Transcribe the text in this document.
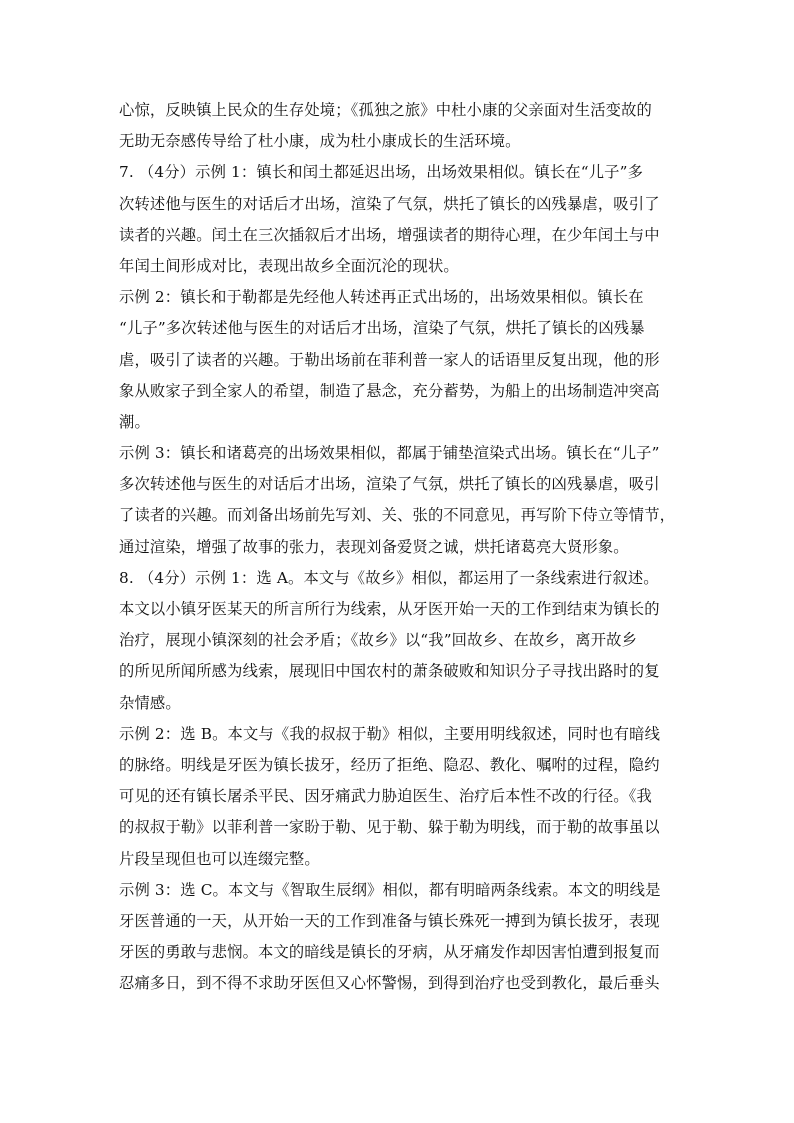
心惊，反映镇上民众的生存处境；《孤独之旅》中杜小康的父亲面对生活变故的
无助无奈感传导给了杜小康，成为杜小康成长的生活环境。
7. （4分）示例 1：镇长和闰土都延迟出场，出场效果相似。镇长在“儿子”多
次转述他与医生的对话后才出场，渲染了气氛，烘托了镇长的凶残暴虐，吸引了
读者的兴趣。闰土在三次插叙后才出场，增强读者的期待心理，在少年闰土与中
年闰土间形成对比，表现出故乡全面沉沦的现状。
示例 2：镇长和于勒都是先经他人转述再正式出场的，出场效果相似。镇长在
“儿子”多次转述他与医生的对话后才出场，渲染了气氛，烘托了镇长的凶残暴
虐，吸引了读者的兴趣。于勒出场前在菲利普一家人的话语里反复出现，他的形
象从败家子到全家人的希望，制造了悬念，充分蓄势，为船上的出场制造冲突高
潮。
示例 3：镇长和诸葛亮的出场效果相似，都属于铺垫渲染式出场。镇长在“儿子”
多次转述他与医生的对话后才出场，渲染了气氛，烘托了镇长的凶残暴虐，吸引
了读者的兴趣。而刘备出场前先写刘、关、张的不同意见，再写阶下侍立等情节，
通过渲染，增强了故事的张力，表现刘备爱贤之诚，烘托诸葛亮大贤形象。
8. （4分）示例 1：选 A。本文与《故乡》相似，都运用了一条线索进行叙述。
本文以小镇牙医某天的所言所行为线索，从牙医开始一天的工作到结束为镇长的
治疗，展现小镇深刻的社会矛盾；《故乡》以“我”回故乡、在故乡，离开故乡
的所见所闻所感为线索，展现旧中国农村的萧条破败和知识分子寻找出路时的复
杂情感。
示例 2：选 B。本文与《我的叔叔于勒》相似，主要用明线叙述，同时也有暗线
的脉络。明线是牙医为镇长拔牙，经历了拒绝、隐忍、教化、嘱咐的过程，隐约
可见的还有镇长屠杀平民、因牙痛武力胁迫医生、治疗后本性不改的行径。《我
的叔叔于勒》以菲利普一家盼于勒、见于勒、躲于勒为明线，而于勒的故事虽以
片段呈现但也可以连缀完整。
示例 3：选 C。本文与《智取生辰纲》相似，都有明暗两条线索。本文的明线是
牙医普通的一天，从开始一天的工作到准备与镇长殊死一搏到为镇长拔牙，表现
牙医的勇敢与悲悯。本文的暗线是镇长的牙病，从牙痛发作却因害怕遭到报复而
忍痛多日，到不得不求助牙医但又心怀警惕，到得到治疗也受到教化，最后垂头
